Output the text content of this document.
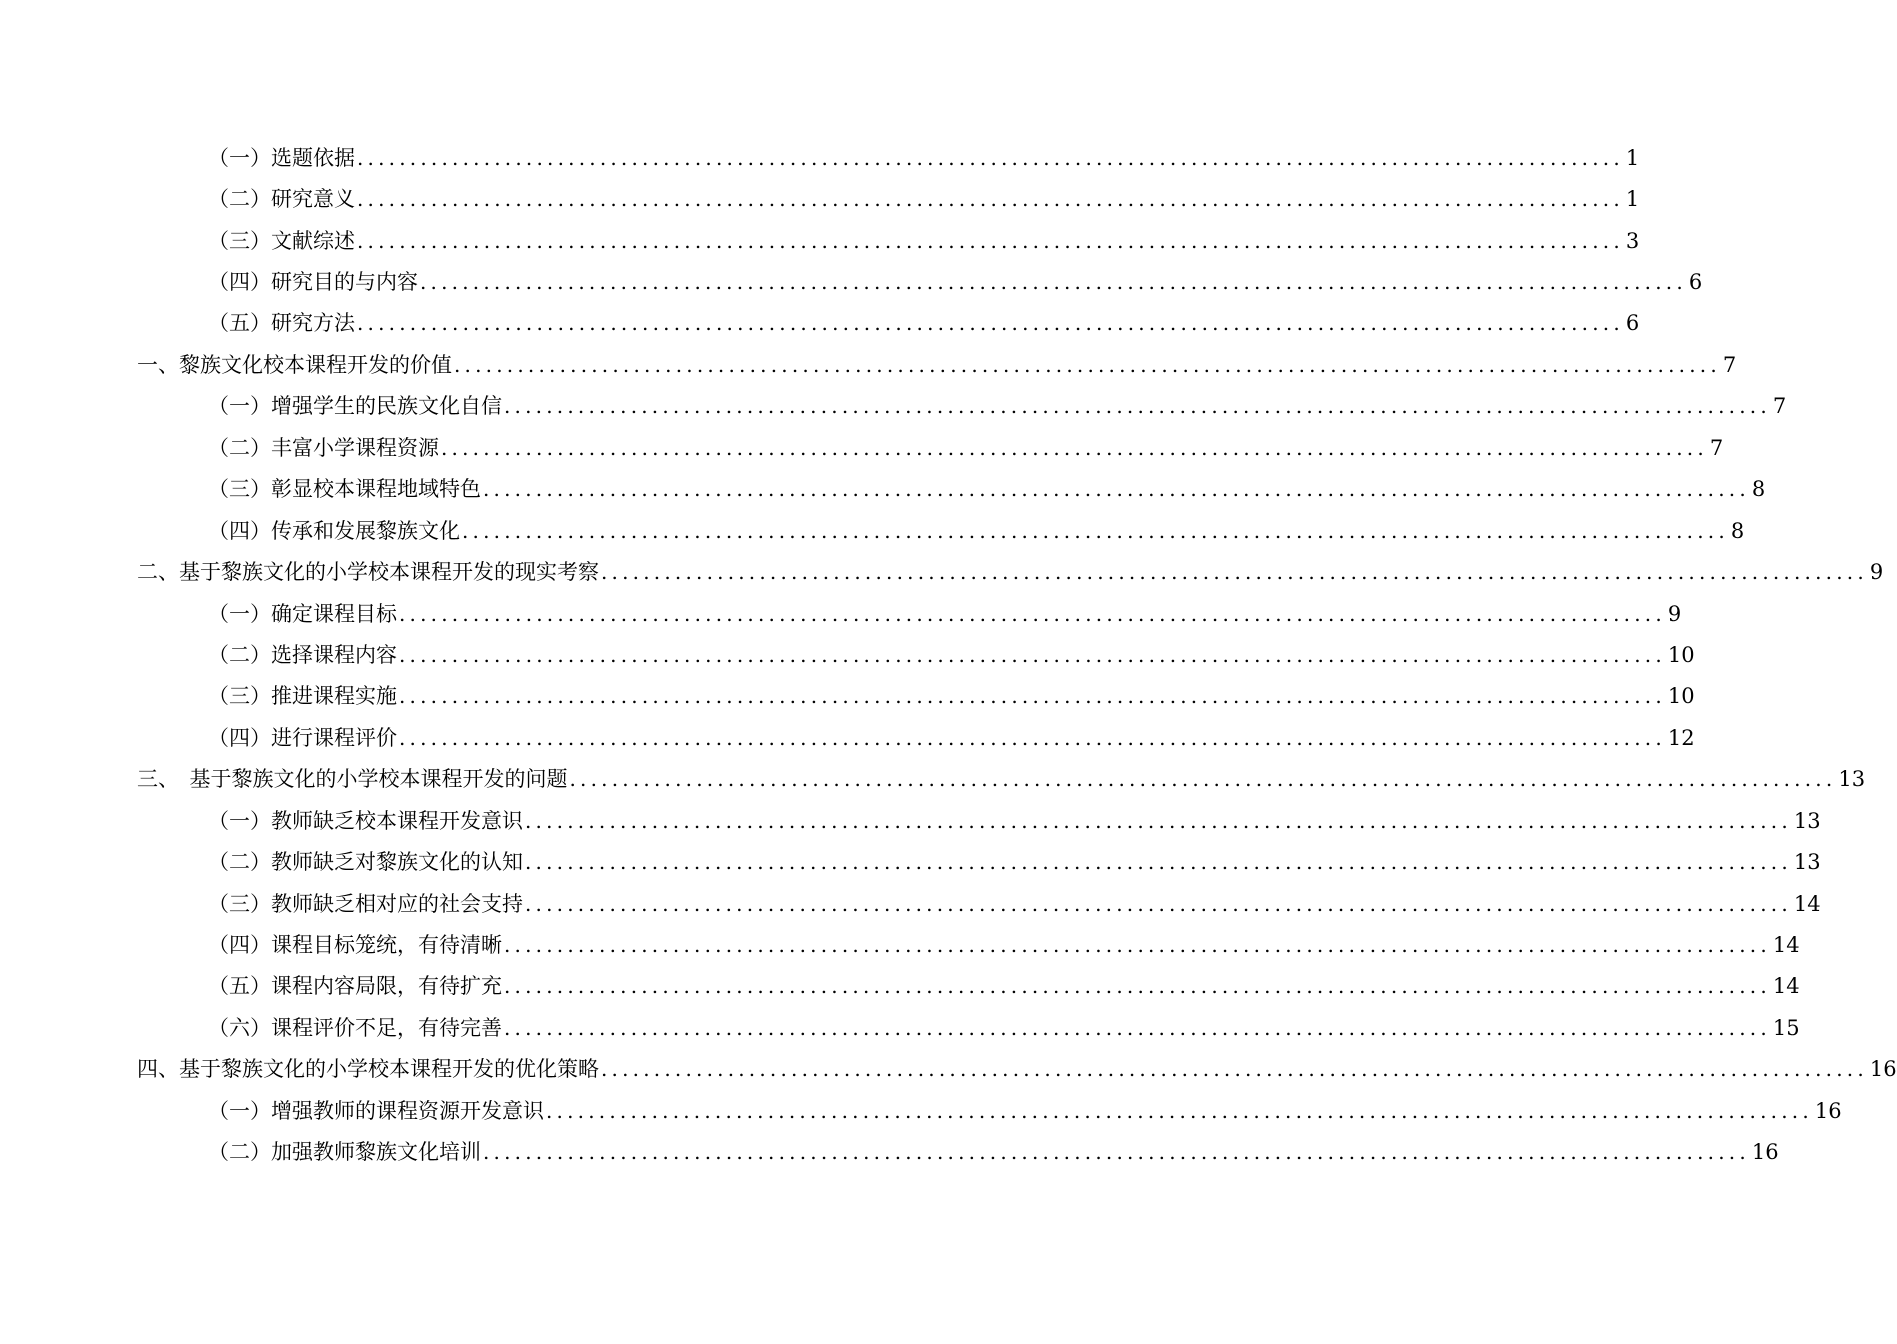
（一）选题依据 ........................................................................................................................ 1
（二）研究意义 ........................................................................................................................ 1
（三）文献综述 ........................................................................................................................ 3
（四）研究目的与内容 ........................................................................................................................ 6
（五）研究方法 ........................................................................................................................ 6
一、黎族文化校本课程开发的价值 ........................................................................................................................ 7
（一）增强学生的民族文化自信 ........................................................................................................................ 7
（二）丰富小学课程资源 ........................................................................................................................ 7
（三）彰显校本课程地域特色 ........................................................................................................................ 8
（四）传承和发展黎族文化 ........................................................................................................................ 8
二、基于黎族文化的小学校本课程开发的现实考察 ........................................................................................................................ 9
（一）确定课程目标 ........................................................................................................................ 9
（二）选择课程内容 ........................................................................................................................ 10
（三）推进课程实施 ........................................................................................................................ 10
（四）进行课程评价 ........................................................................................................................ 12
三、　基于黎族文化的小学校本课程开发的问题 ........................................................................................................................ 13
（一）教师缺乏校本课程开发意识 ........................................................................................................................ 13
（二）教师缺乏对黎族文化的认知 ........................................................................................................................ 13
（三）教师缺乏相对应的社会支持 ........................................................................................................................ 14
（四）课程目标笼统，有待清晰 ........................................................................................................................ 14
（五）课程内容局限，有待扩充 ........................................................................................................................ 14
（六）课程评价不足，有待完善 ........................................................................................................................ 15
四、基于黎族文化的小学校本课程开发的优化策略 ........................................................................................................................ 16
（一）增强教师的课程资源开发意识 ........................................................................................................................ 16
（二）加强教师黎族文化培训 ........................................................................................................................ 16
